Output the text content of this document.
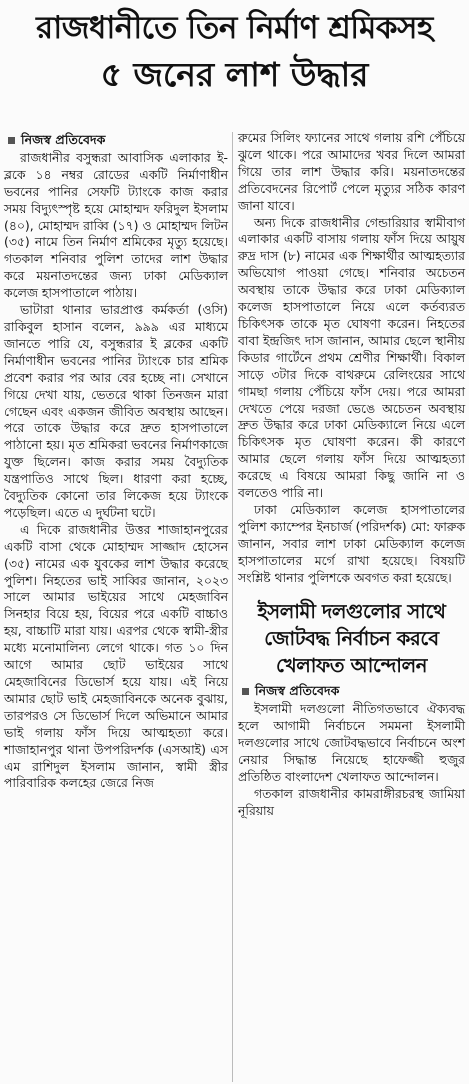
রাজধানীতে তিন নির্মাণ শ্রমিকসহ
৫ জনের লাশ উদ্ধার
নিজস্ব প্রতিবেদক

রাজধানীর বসুন্ধরা আবাসিক এলাকার ই-ব্লকে ১৪ নম্বর রোডের একটি নির্মাণাধীন ভবনের পানির সেফটি ট্যাংকে কাজ করার সময় বিদ্যুৎস্পৃষ্ট হয়ে মোহাম্মদ ফরিদুল ইসলাম (৪০), মোহাম্মদ রাব্বি (১৭) ও মোহাম্মদ লিটন (৩৫) নামে তিন নির্মাণ শ্রমিকের মৃত্যু হয়েছে। গতকাল শনিবার পুলিশ তাদের লাশ উদ্ধার করে ময়নাতদন্তের জন্য ঢাকা মেডিক্যাল কলেজ হাসপাতালে পাঠায়।

ভাটারা থানার ভারপ্রাপ্ত কর্মকর্তা (ওসি) রাকিবুল হাসান বলেন, ৯৯৯ এর মাধ্যমে জানতে পারি যে, বসুন্ধরার ই ব্লকের একটি নির্মাণাধীন ভবনের পানির ট্যাংকে চার শ্রমিক প্রবেশ করার পর আর বের হচ্ছে না। সেখানে গিয়ে দেখা যায়, ভেতরে থাকা তিনজন মারা গেছেন এবং একজন জীবিত অবস্থায় আছেন। পরে তাকে উদ্ধার করে দ্রুত হাসপাতালে পাঠানো হয়। মৃত শ্রমিকরা ভবনের নির্মাণকাজে যুক্ত ছিলেন। কাজ করার সময় বৈদ্যুতিক যন্ত্রপাতিও সাথে ছিল। ধারণা করা হচ্ছে, বৈদ্যুতিক কোনো তার লিকেজ হয়ে ট্যাংকে পড়েছিল। এতে এ দুর্ঘটনা ঘটে।

এ দিকে রাজধানীর উত্তর শাজাহানপুরের একটি বাসা থেকে মোহাম্মদ সাজ্জাদ হোসেন (৩৫) নামের এক যুবকের লাশ উদ্ধার করেছে পুলিশ। নিহতের ভাই সাব্বির জানান, ২০২৩ সালে আমার ভাইয়ের সাথে মেহজাবিন সিনহার বিয়ে হয়, বিয়ের পরে একটি বাচ্চাও হয়, বাচ্চাটি মারা যায়। এরপর থেকে স্বামী-স্ত্রীর মধ্যে মনোমালিন্য লেগে থাকে। গত ১০ দিন আগে আমার ছোট ভাইয়ের সাথে মেহজাবিনের ডিভোর্স হয়ে যায়। এই নিয়ে আমার ছোট ভাই মেহজাবিনকে অনেক বুঝায়, তারপরও সে ডিভোর্স দিলে অভিমানে আমার ভাই গলায় ফাঁস দিয়ে আত্মহত্যা করে। শাজাহানপুর থানা উপপরিদর্শক (এসআই) এস এম রাশিদুল ইসলাম জানান, স্বামী স্ত্রীর পারিবারিক কলহের জেরে নিজ

রুমের সিলিং ফ্যানের সাথে গলায় রশি পেঁচিয়ে ঝুলে থাকে। পরে আমাদের খবর দিলে আমরা গিয়ে তার লাশ উদ্ধার করি। ময়নাতদন্তের প্রতিবেদনের রিপোর্ট পেলে মৃত্যুর সঠিক কারণ জানা যাবে।

অন্য দিকে রাজধানীর গেন্ডারিয়ার স্বামীবাগ এলাকার একটি বাসায় গলায় ফাঁস দিয়ে আয়ুষ রুদ্র দাস (৮) নামের এক শিক্ষার্থীর আত্মহত্যার অভিযোগ পাওয়া গেছে। শনিবার অচেতন অবস্থায় তাকে উদ্ধার করে ঢাকা মেডিক্যাল কলেজ হাসপাতালে নিয়ে এলে কর্তব্যরত চিকিৎসক তাকে মৃত ঘোষণা করেন। নিহতের বাবা ইন্দ্রজিৎ দাস জানান, আমার ছেলে স্থানীয় কিডার গার্টেনে প্রথম শ্রেণীর শিক্ষার্থী। বিকাল সাড়ে ৩টার দিকে বাথরুমে রেলিংয়ের সাথে গামছা গলায় পেঁচিয়ে ফাঁস দেয়। পরে আমরা দেখতে পেয়ে দরজা ভেঙে অচেতন অবস্থায় দ্রুত উদ্ধার করে ঢাকা মেডিক্যালে নিয়ে এলে চিকিৎসক মৃত ঘোষণা করেন। কী কারণে আমার ছেলে গলায় ফাঁস দিয়ে আত্মহত্যা করেছে এ বিষয়ে আমরা কিছু জানি না ও বলতেও পারি না।

ঢাকা মেডিক্যাল কলেজ হাসপাতালের পুলিশ ক্যাম্পের ইনচার্জ (পরিদর্শক) মো: ফারুক জানান, সবার লাশ ঢাকা মেডিক্যাল কলেজ হাসপাতালের মর্গে রাখা হয়েছে। বিষয়টি সংশ্লিষ্ট থানার পুলিশকে অবগত করা হয়েছে।

ইসলামী দলগুলোর সাথে
জোটবদ্ধ নির্বাচন করবে
খেলাফত আন্দোলন
নিজস্ব প্রতিবেদক

ইসলামী দলগুলো নীতিগতভাবে ঐক্যবদ্ধ হলে আগামী নির্বাচনে সমমনা ইসলামী দলগুলোর সাথে জোটবদ্ধভাবে নির্বাচনে অংশ নেয়ার সিদ্ধান্ত নিয়েছে হাফেজ্জী হুজুর প্রতিষ্ঠিত বাংলাদেশ খেলাফত আন্দোলন।

গতকাল রাজধানীর কামরাঙ্গীরচরস্থ জামিয়া নূরিয়ায়
